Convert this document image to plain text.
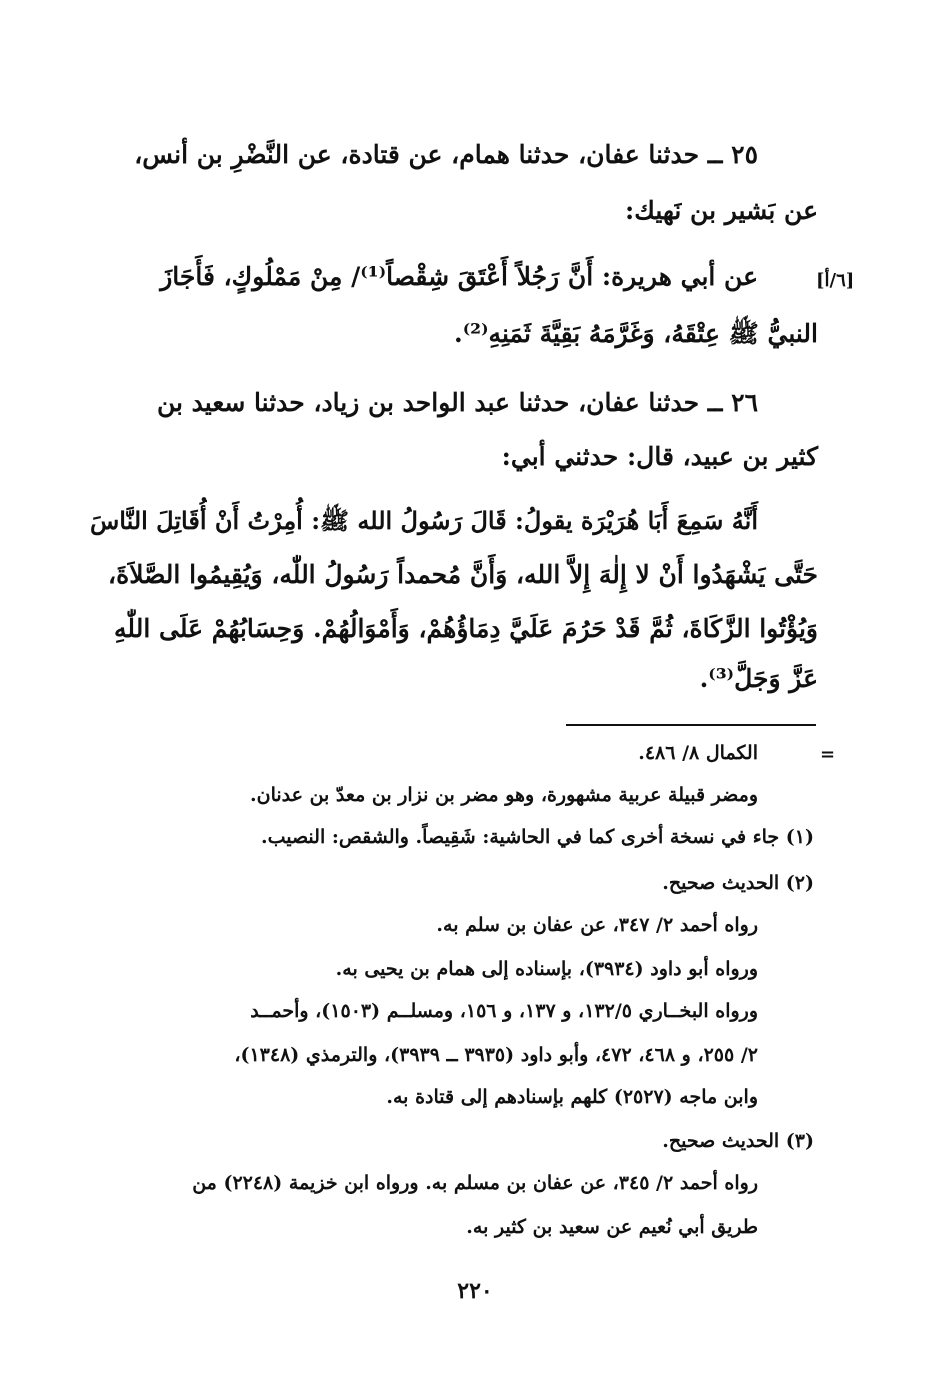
٢٥ ــ حدثنا عفان، حدثنا همام، عن قتادة، عن النَّضْرِ بن أنس،
عن بَشير بن نَهيك:
[٦/أ]
عن أبي هريرة: أَنَّ رَجُلاً أَعْتَقَ شِقْصاً⁽¹⁾/ مِنْ مَمْلُوكٍ، فَأَجَازَ
النبيُّ ﷺ عِتْقَهُ، وَغَرَّمَهُ بَقِيَّةَ ثَمَنِهِ⁽²⁾.
٢٦ ــ حدثنا عفان، حدثنا عبد الواحد بن زياد، حدثنا سعيد بن
كثير بن عبيد، قال: حدثني أبي:
أَنَّهُ سَمِعَ أَبَا هُرَيْرَة يقولُ: قَالَ رَسُولُ الله ﷺ: أُمِرْتُ أَنْ أُقَاتِلَ النَّاسَ
حَتَّى يَشْهَدُوا أَنْ لا إِلٰهَ إِلاَّ الله، وَأَنَّ مُحمداً رَسُولُ اللّٰه، وَيُقِيمُوا الصَّلاَةَ،
وَيُؤْتُوا الزَّكَاةَ، ثُمَّ قَدْ حَرُمَ عَلَيَّ دِمَاؤُهُمْ، وَأَمْوَالُهُمْ. وَحِسَابُهُمْ عَلَى اللّٰهِ
عَزَّ وَجَلَّ⁽³⁾.
=
الكمال ٨/ ٤٨٦.
ومضر قبيلة عربية مشهورة، وهو مضر بن نزار بن معدّ بن عدنان.
(١) جاء في نسخة أخرى كما في الحاشية: شَقِيصاً. والشقص: النصيب.
(٢) الحديث صحيح.
رواه أحمد ٢/ ٣٤٧، عن عفان بن سلم به.
ورواه أبو داود (٣٩٣٤)، بإسناده إلى همام بن يحيى به.
ورواه البخــاري ١٣٢/٥، و ١٣٧، و ١٥٦، ومسلــم (١٥٠٣)، وأحمــد
٢/ ٢٥٥، و ٤٦٨، ٤٧٢، وأبو داود (٣٩٣٥ ــ ٣٩٣٩)، والترمذي (١٣٤٨)،
وابن ماجه (٢٥٢٧) كلهم بإسنادهم إلى قتادة به.
(٣) الحديث صحيح.
رواه أحمد ٢/ ٣٤٥، عن عفان بن مسلم به. ورواه ابن خزيمة (٢٢٤٨) من
طريق أبي نُعيم عن سعيد بن كثير به.
٢٢٠
